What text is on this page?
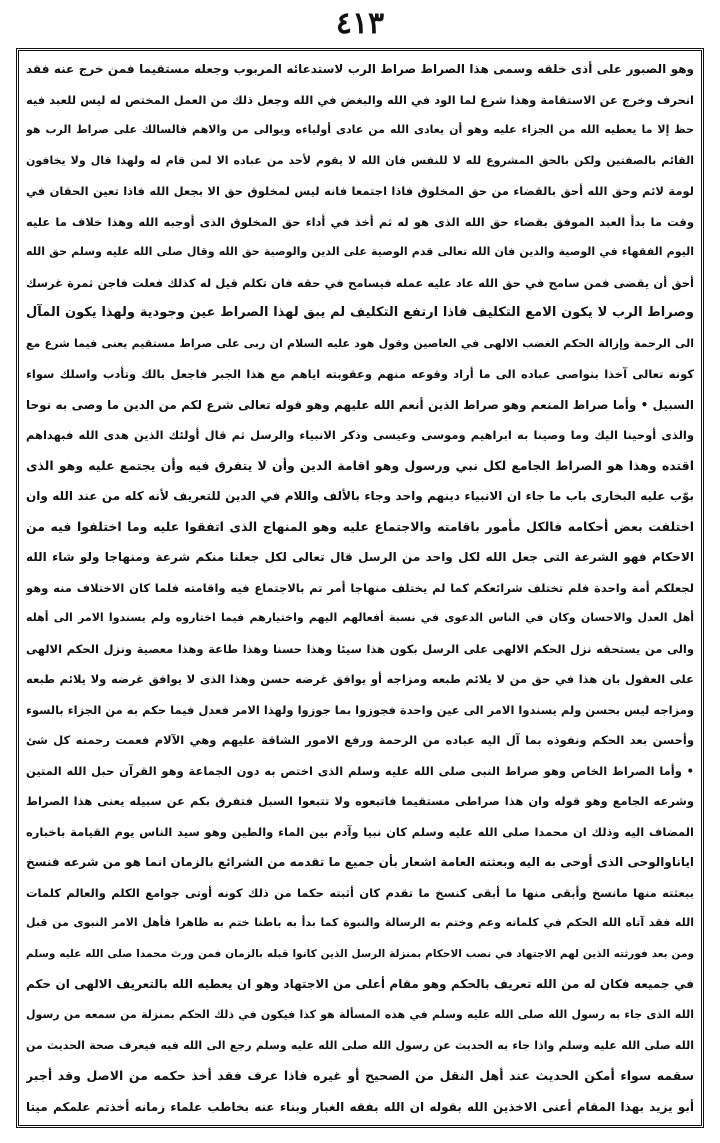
٤١٣
وهو الصبور على أذى خلقه وسمى هذا الصراط صراط الرب لاستدعائه المربوب وجعله مستقيما فمن خرج عنه فقد
انحرف وخرج عن الاستقامة وهذا شرع لما الود في الله والبغض في الله وجعل ذلك من العمل المختص له ليس للعبد فيه
حظ إلا ما يعطيه الله من الجزاء عليه وهو أن يعادى الله من عادى أولياءه ويوالى من والاهم فالسالك على صراط الرب هو
القائم بالصفتين ولكن بالحق المشروع لله لا للنفس فان الله لا يقوم لأحد من عباده الا لمن قام له ولهذا قال ولا يخافون
لومة لائم وحق الله أحق بالقضاء من حق المخلوق فاذا اجتمعا فانه ليس لمخلوق حق الا بجعل الله فاذا تعين الحقان في
وقت ما بدأ العبد الموفق بقضاء حق الله الذى هو له ثم أخذ في أداء حق المخلوق الذى أوجبه الله وهذا خلاف ما عليه
اليوم الفقهاء في الوصية والدين فان الله تعالى قدم الوصية على الدين والوصية حق الله وقال صلى الله عليه وسلم حق الله
أحق أن يقضى فمن سامح في حق الله عاد عليه عمله فيسامح في حقه فان تكلم قيل له كذلك فعلت فاجن ثمرة غرسك
وصراط الرب لا يكون الامع التكليف فاذا ارتفع التكليف لم يبق لهذا الصراط عين وجودية ولهذا يكون المآل
الى الرحمة وإزالة الحكم الغضب الالهى في العاصين وقول هود عليه السلام ان ربى على صراط مستقيم يعنى فيما شرع مع
كونه تعالى آخذا بنواصى عباده الى ما أراد وقوعه منهم وعقوبته اياهم مع هذا الجبر فاجعل بالك وتأدب واسلك سواء
السبيل • وأما صراط المنعم وهو صراط الذين أنعم الله عليهم وهو قوله تعالى شرع لكم من الدين ما وصى به نوحا
والذى أوحينا اليك وما وصينا به ابراهيم وموسى وعيسى وذكر الانبياء والرسل ثم قال أولئك الذين هدى الله فبهداهم
اقتده وهذا هو الصراط الجامع لكل نبي ورسول وهو اقامة الدين وأن لا يتفرق فيه وأن يجتمع عليه وهو الذى
بوّب عليه البخارى باب ما جاء ان الانبياء دينهم واحد وجاء بالألف واللام في الدين للتعريف لأنه كله من عند الله وان
اختلفت بعض أحكامه فالكل مأمور باقامته والاجتماع عليه وهو المنهاج الذى اتفقوا عليه وما اختلفوا فيه من
الاحكام فهو الشرعة التى جعل الله لكل واحد من الرسل قال تعالى لكل جعلنا منكم شرعة ومنهاجا ولو شاء الله
لجعلكم أمة واحدة فلم تختلف شرائعكم كما لم يختلف منهاجا أمر تم بالاجتماع فيه واقامته فلما كان الاختلاف منه وهو
أهل العدل والاحسان وكان في الناس الدعوى في نسبة أفعالهم اليهم واختيارهم فيما اختاروه ولم يسندوا الامر الى أهله
والى من يستحقه نزل الحكم الالهى على الرسل بكون هذا سيئا وهذا حسنا وهذا طاعة وهذا معصية ونزل الحكم الالهى
على العقول بان هذا في حق من لا يلائم طبعه ومزاجه أو يوافق غرضه حسن وهذا الذى لا يوافق غرضه ولا يلائم طبعه
ومزاجه ليس بحسن ولم يسندوا الامر الى عين واحدة فجوزوا بما جوزوا ولهذا الامر فعدل فيما حكم به من الجزاء بالسوء
وأحسن بعد الحكم ونفوذه بما آل اليه عباده من الرحمة ورفع الامور الشاقة عليهم وهي الآلام فعمت رحمته كل شئ
• وأما الصراط الخاص وهو صراط النبى صلى الله عليه وسلم الذى اختص به دون الجماعة وهو القرآن حبل الله المتين
وشرعه الجامع وهو قوله وان هذا صراطى مستقيما فاتبعوه ولا تتبعوا السبل فتفرق بكم عن سبيله يعنى هذا الصراط
المضاف اليه وذلك ان محمدا صلى الله عليه وسلم كان نبيا وآدم بين الماء والطين وهو سيد الناس يوم القيامة باخباره
اياناوالوحى الذى أوحى به اليه وبعثته العامة اشعار بأن جميع ما تقدمه من الشرائع بالزمان انما هو من شرعه فنسخ
ببعثته منها مانسخ وأبقى منها ما أبقى كنسخ ما تقدم كان أثبته حكما من ذلك كونه أوتى جوامع الكلم والعالم كلمات
الله فقد آتاه الله الحكم في كلماته وعم وختم به الرسالة والنبوة كما بدأ به باطنا ختم به ظاهرا فأهل الامر النبوى من قبل
ومن بعد فورثته الذين لهم الاجتهاد في نصب الاحكام بمنزلة الرسل الذين كانوا قبله بالزمان فمن ورث محمدا صلى الله عليه وسلم
في جميعه فكان له من الله تعريف بالحكم وهو مقام أعلى من الاجتهاد وهو ان يعطيه الله بالتعريف الالهى ان حكم
الله الذى جاء به رسول الله صلى الله عليه وسلم في هذه المسألة هو كذا فيكون في ذلك الحكم بمنزلة من سمعه من رسول
الله صلى الله عليه وسلم واذا جاء به الحديث عن رسول الله صلى الله عليه وسلم رجع الى الله فيه فيعرف صحة الحديث من
سقمه سواء أمكن الحديث عند أهل النقل من الصحيح أو غيره فاذا عرف فقد أخذ حكمه من الاصل وقد أجبر
أبو يزيد بهذا المقام أعنى الاخذين الله بقوله ان الله بفقه الغبار وبناء عنه بخاطب علماء زمانه أخذتم علمكم ميتا
